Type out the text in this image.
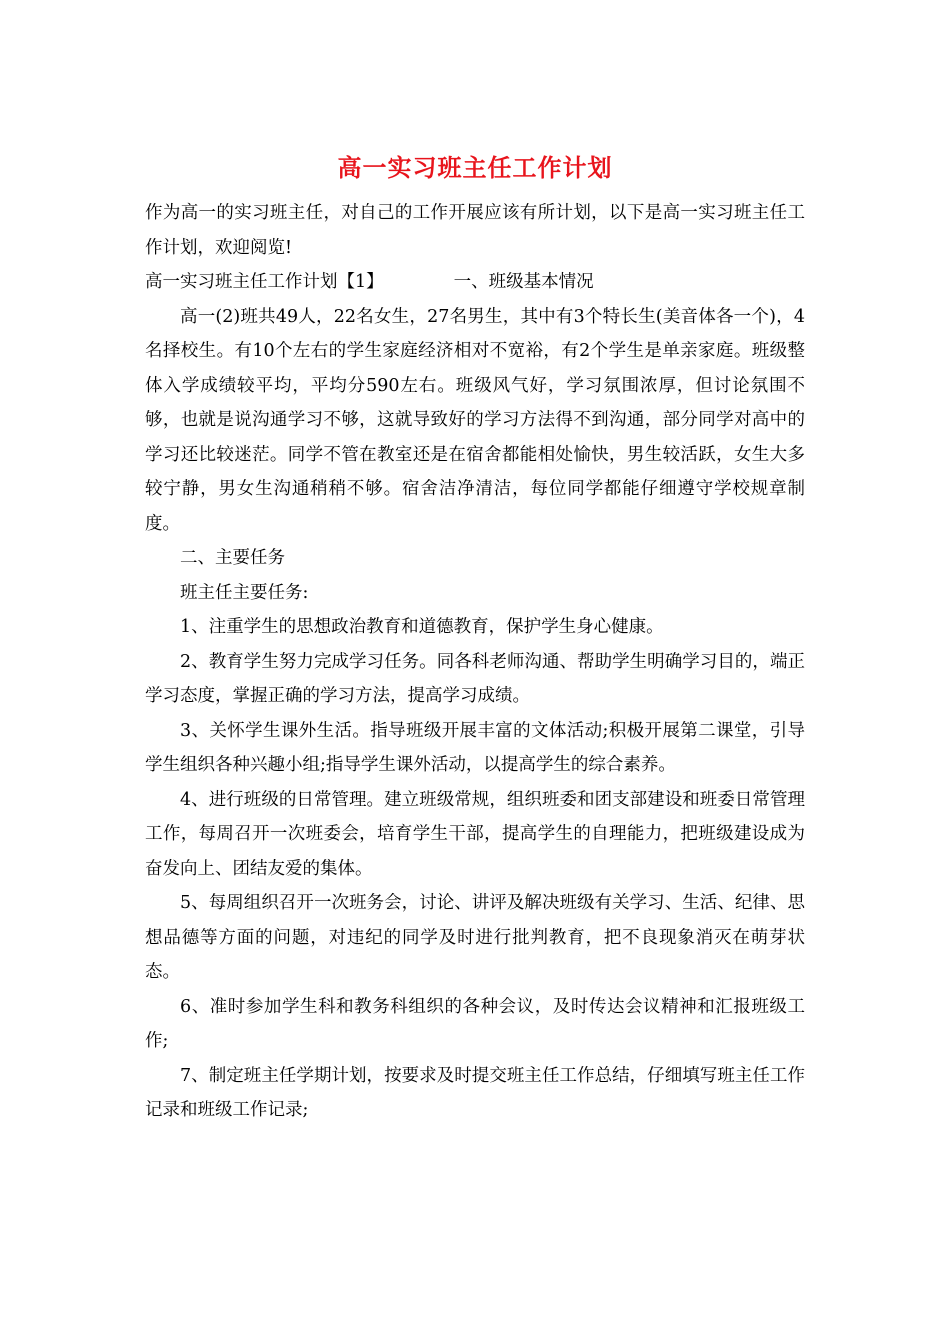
高一实习班主任工作计划

作为高一的实习班主任，对自己的工作开展应该有所计划，以下是高一实习班主任工作计划，欢迎阅览!

高一实习班主任工作计划【1】	一、班级基本情况

高一(2)班共49人，22名女生，27名男生，其中有3个特长生(美音体各一个)，4名择校生。有10个左右的学生家庭经济相对不宽裕，有2个学生是单亲家庭。班级整体入学成绩较平均，平均分590左右。班级风气好，学习氛围浓厚，但讨论氛围不够，也就是说沟通学习不够，这就导致好的学习方法得不到沟通，部分同学对高中的学习还比较迷茫。同学不管在教室还是在宿舍都能相处愉快，男生较活跃，女生大多较宁静，男女生沟通稍稍不够。宿舍洁净清洁，每位同学都能仔细遵守学校规章制度。

二、主要任务

班主任主要任务:

1、注重学生的思想政治教育和道德教育，保护学生身心健康。

2、教育学生努力完成学习任务。同各科老师沟通、帮助学生明确学习目的，端正学习态度，掌握正确的学习方法，提高学习成绩。

3、关怀学生课外生活。指导班级开展丰富的文体活动;积极开展第二课堂，引导学生组织各种兴趣小组;指导学生课外活动，以提高学生的综合素养。

4、进行班级的日常管理。建立班级常规，组织班委和团支部建设和班委日常管理工作，每周召开一次班委会，培育学生干部，提高学生的自理能力，把班级建设成为奋发向上、团结友爱的集体。

5、每周组织召开一次班务会，讨论、讲评及解决班级有关学习、生活、纪律、思想品德等方面的问题，对违纪的同学及时进行批判教育，把不良现象消灭在萌芽状态。

6、准时参加学生科和教务科组织的各种会议，及时传达会议精神和汇报班级工作;

7、制定班主任学期计划，按要求及时提交班主任工作总结，仔细填写班主任工作记录和班级工作记录;
